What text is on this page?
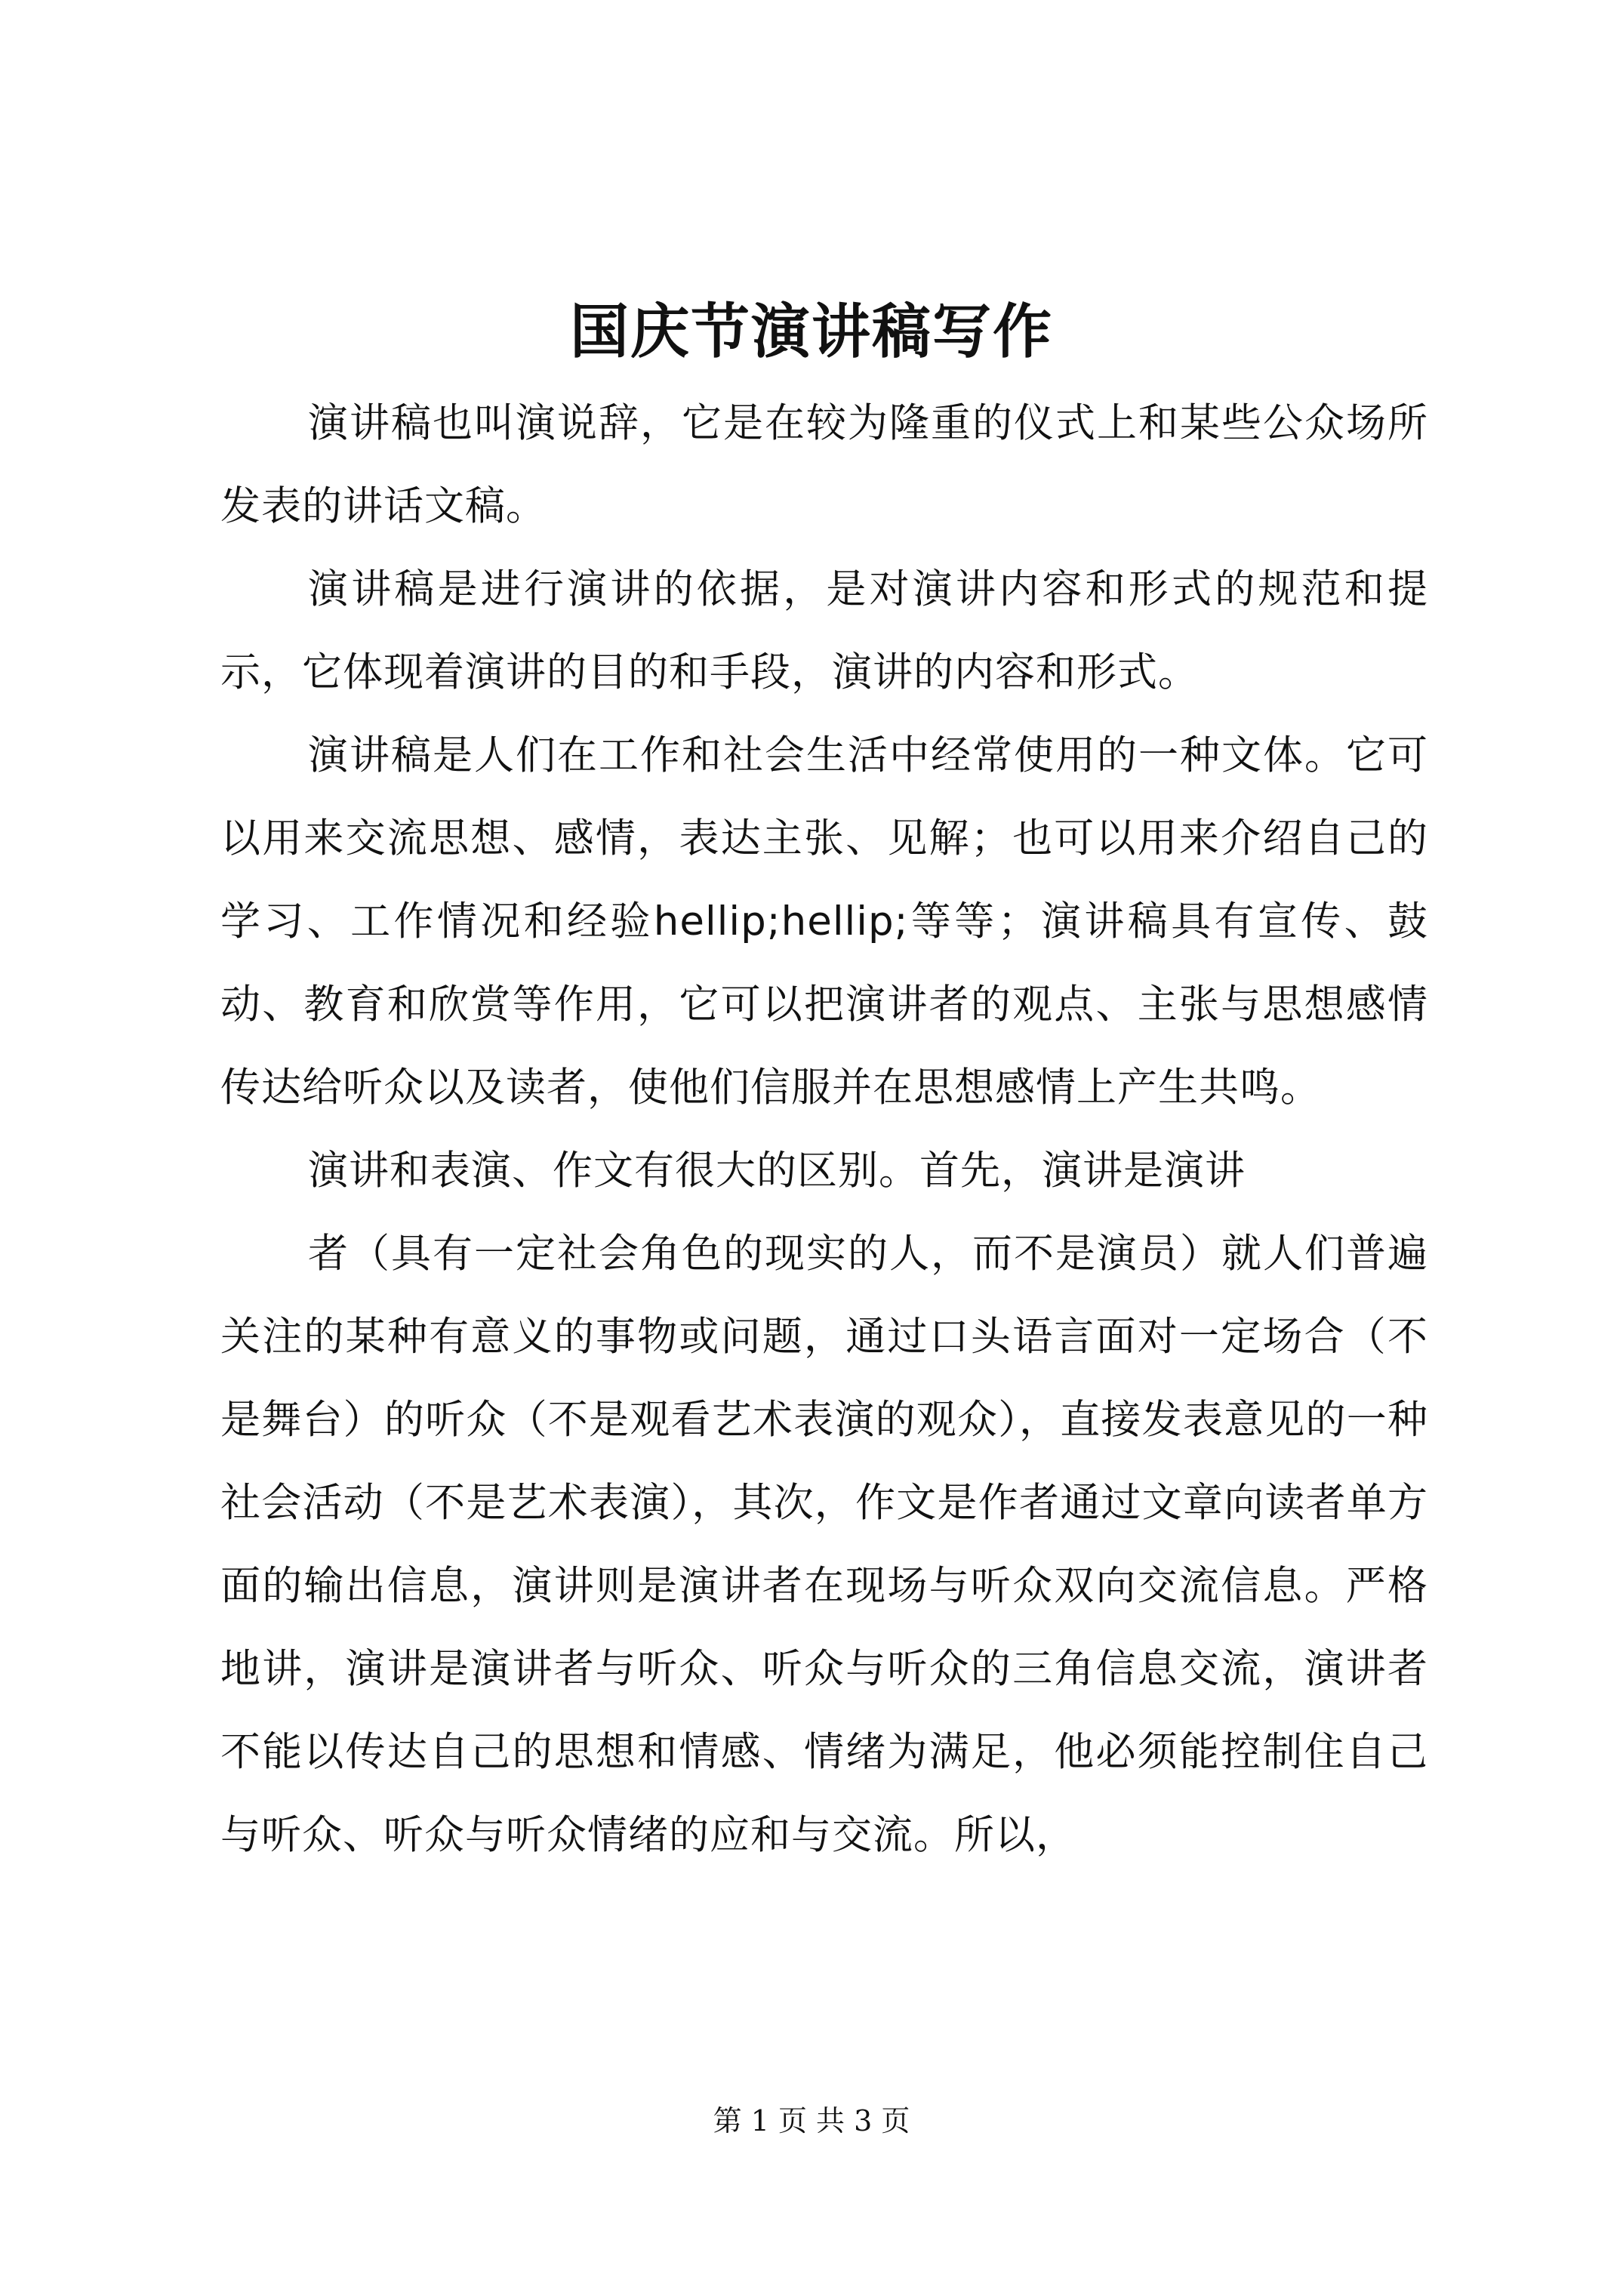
国庆节演讲稿写作

演讲稿也叫演说辞，它是在较为隆重的仪式上和某些公众场所发表的讲话文稿。

演讲稿是进行演讲的依据，是对演讲内容和形式的规范和提示，它体现着演讲的目的和手段，演讲的内容和形式。

演讲稿是人们在工作和社会生活中经常使用的一种文体。它可以用来交流思想、感情，表达主张、见解；也可以用来介绍自己的学习、工作情况和经验hellip;hellip;等等；演讲稿具有宣传、鼓动、教育和欣赏等作用，它可以把演讲者的观点、主张与思想感情传达给听众以及读者，使他们信服并在思想感情上产生共鸣。

演讲和表演、作文有很大的区别。首先，演讲是演讲

者（具有一定社会角色的现实的人，而不是演员）就人们普遍关注的某种有意义的事物或问题，通过口头语言面对一定场合（不是舞台）的听众（不是观看艺术表演的观众），直接发表意见的一种社会活动（不是艺术表演），其次，作文是作者通过文章向读者单方面的输出信息，演讲则是演讲者在现场与听众双向交流信息。严格地讲，演讲是演讲者与听众、听众与听众的三角信息交流，演讲者不能以传达自己的思想和情感、情绪为满足，他必须能控制住自己与听众、听众与听众情绪的应和与交流。所以，

第 1 页 共 3 页
